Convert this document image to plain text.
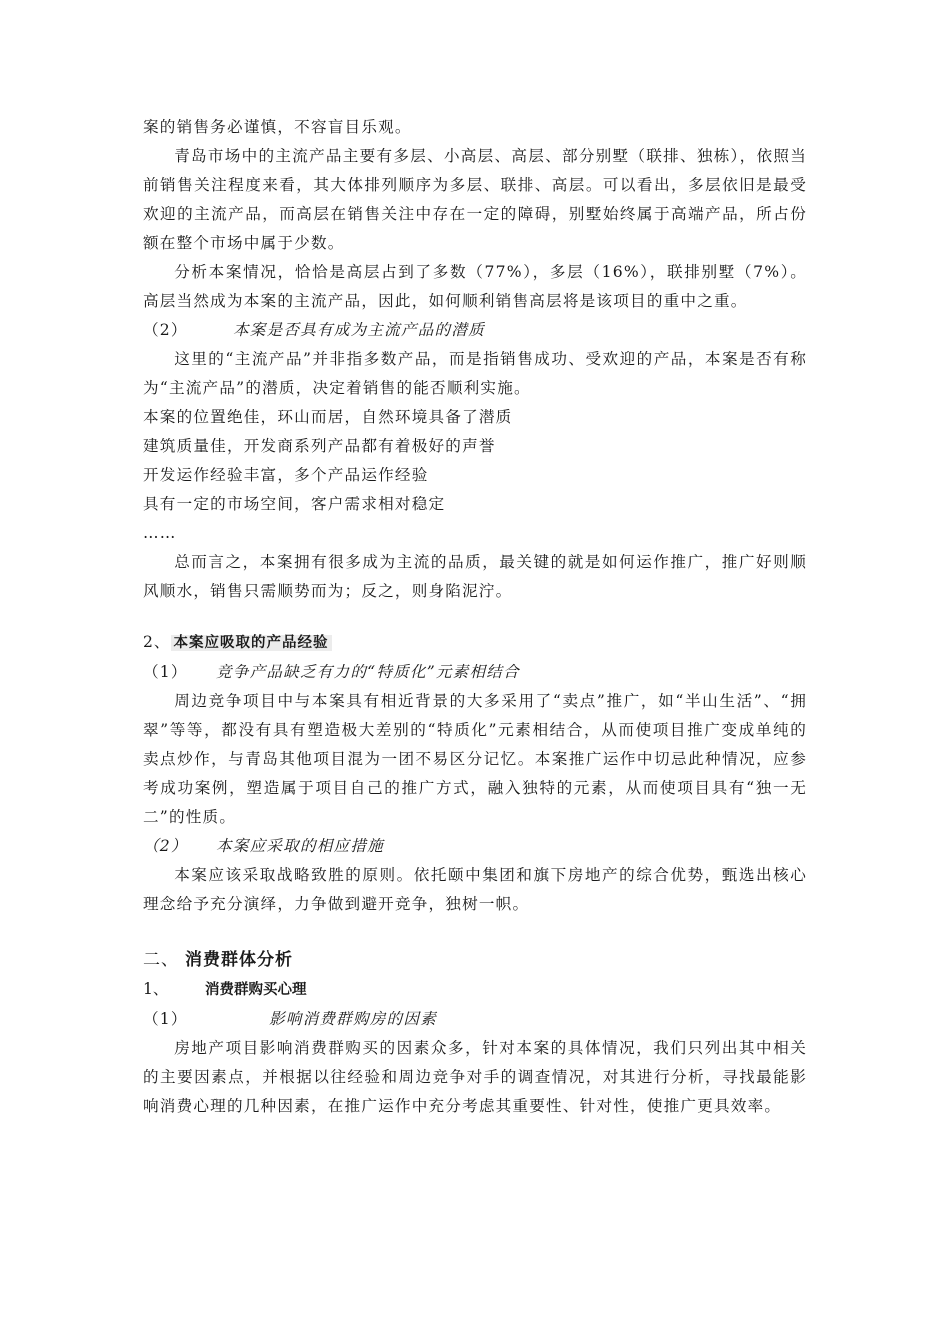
案的销售务必谨慎，不容盲目乐观。

青岛市场中的主流产品主要有多层、小高层、高层、部分别墅（联排、独栋），依照当前销售关注程度来看，其大体排列顺序为多层、联排、高层。可以看出，多层依旧是最受欢迎的主流产品，而高层在销售关注中存在一定的障碍，别墅始终属于高端产品，所占份额在整个市场中属于少数。

分析本案情况，恰恰是高层占到了多数（77%），多层（16%），联排别墅（7%）。高层当然成为本案的主流产品，因此，如何顺利销售高层将是该项目的重中之重。

（2）	本案是否具有成为主流产品的潜质

这里的“主流产品”并非指多数产品，而是指销售成功、受欢迎的产品，本案是否有称为“主流产品”的潜质，决定着销售的能否顺利实施。

本案的位置绝佳，环山而居，自然环境具备了潜质

建筑质量佳，开发商系列产品都有着极好的声誉

开发运作经验丰富，多个产品运作经验

具有一定的市场空间，客户需求相对稳定

……

总而言之，本案拥有很多成为主流的品质，最关键的就是如何运作推广，推广好则顺风顺水，销售只需顺势而为；反之，则身陷泥泞。

2、 本案应吸取的产品经验

（1） 竞争产品缺乏有力的“特质化”元素相结合

周边竞争项目中与本案具有相近背景的大多采用了“卖点”推广，如“半山生活”、“拥翠”等等，都没有具有塑造极大差别的“特质化”元素相结合，从而使项目推广变成单纯的卖点炒作，与青岛其他项目混为一团不易区分记忆。本案推广运作中切忌此种情况，应参考成功案例，塑造属于项目自己的推广方式，融入独特的元素，从而使项目具有“独一无二”的性质。

（2） 本案应采取的相应措施

本案应该采取战略致胜的原则。依托颐中集团和旗下房地产的综合优势，甄选出核心理念给予充分演绎，力争做到避开竞争，独树一帜。

二、 消费群体分析

1、	消费群购买心理

（1）	影响消费群购房的因素

房地产项目影响消费群购买的因素众多，针对本案的具体情况，我们只列出其中相关的主要因素点，并根据以往经验和周边竞争对手的调查情况，对其进行分析，寻找最能影响消费心理的几种因素，在推广运作中充分考虑其重要性、针对性，使推广更具效率。
